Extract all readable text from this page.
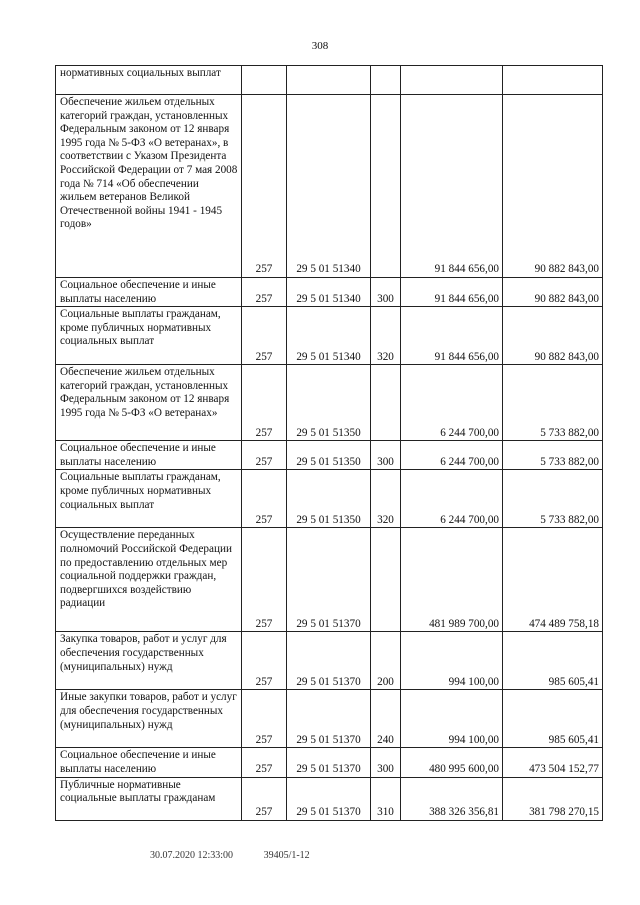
308
нормативных социальных выплат					
Обеспечение жильем отдельных категорий граждан, установленных Федеральным законом от 12 января 1995 года № 5-ФЗ «О ветеранах», в соответствии с Указом Президента Российской Федерации от 7 мая 2008 года № 714 «Об обеспечении жильем ветеранов Великой Отечественной войны 1941 - 1945 годов»	257	29 5 01 51340		91 844 656,00	90 882 843,00
Социальное обеспечение и иные выплаты населению	257	29 5 01 51340	300	91 844 656,00	90 882 843,00
Социальные выплаты гражданам, кроме публичных нормативных социальных выплат	257	29 5 01 51340	320	91 844 656,00	90 882 843,00
Обеспечение жильем отдельных категорий граждан, установленных Федеральным законом от 12 января 1995 года № 5-ФЗ «О ветеранах»	257	29 5 01 51350		6 244 700,00	5 733 882,00
Социальное обеспечение и иные выплаты населению	257	29 5 01 51350	300	6 244 700,00	5 733 882,00
Социальные выплаты гражданам, кроме публичных нормативных социальных выплат	257	29 5 01 51350	320	6 244 700,00	5 733 882,00
Осуществление переданных полномочий Российской Федерации по предоставлению отдельных мер социальной поддержки граждан, подвергшихся воздействию радиации	257	29 5 01 51370		481 989 700,00	474 489 758,18
Закупка товаров, работ и услуг для обеспечения государственных (муниципальных) нужд	257	29 5 01 51370	200	994 100,00	985 605,41
Иные закупки товаров, работ и услуг для обеспечения государственных (муниципальных) нужд	257	29 5 01 51370	240	994 100,00	985 605,41
Социальное обеспечение и иные выплаты населению	257	29 5 01 51370	300	480 995 600,00	473 504 152,77
Публичные нормативные социальные выплаты гражданам	257	29 5 01 51370	310	388 326 356,81	381 798 270,15
30.07.2020 12:33:00	39405/1-12
